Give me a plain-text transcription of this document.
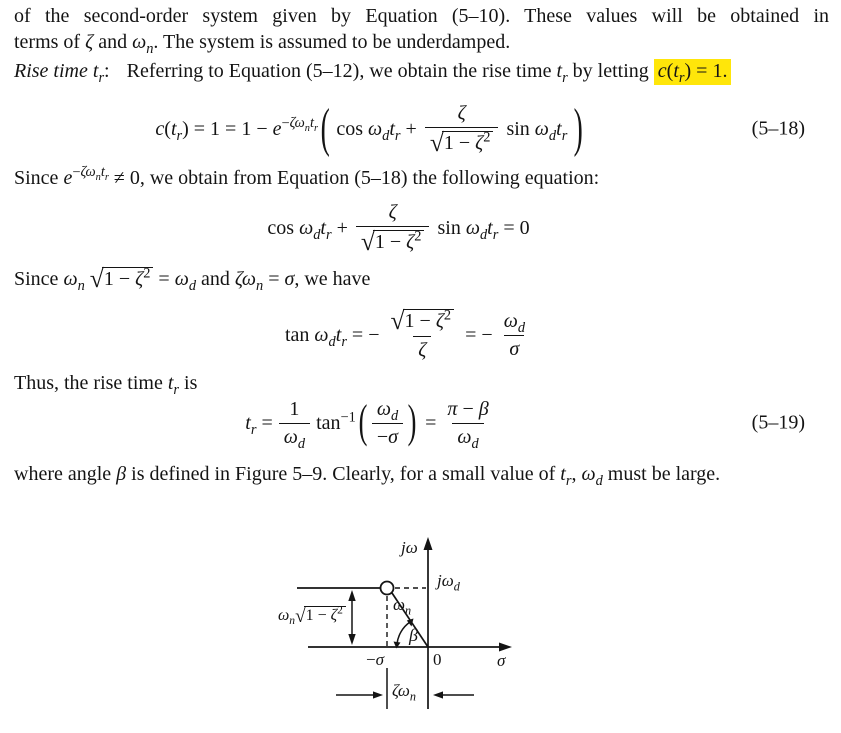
of the second-order system given by Equation (5–10). These values will be obtained in
terms of ζ and $\omega_n$. The system is assumed to be underdamped.
Rise time $t_r$: Referring to Equation (5–12), we obtain the rise time $t_r$ by letting $c(t_r) = 1$.
$c(t_r) = 1 = 1 - e^{-\zeta\omega_nt_r}$ ( $\cos \omega_dt_r + \frac{\zeta}{√1 - \zeta^2}$ $\sin \omega_dt_r$ )	(5–18)
Since $e^{-\zeta\omega_nt_r} \ne 0$, we obtain from Equation (5–18) the following equation:
$\cos \omega_dt_r + \frac{\zeta}{√1 - \zeta^2}$ $\sin \omega_dt_r = 0$
Since $\omega_n$ $√1 - \zeta^2 = \omega_d$ and $\zeta\omega_n = \sigma$, we have
$\tan \omega_dt_r$ = − $\frac{√1 - \zeta^2}{\zeta}$ = − $\frac{\omega_d}{\sigma}$
Thus, the rise time $t_r$ is
$t_r = \frac{1}{\omega_d} \tan^{-1}$ ( $\frac{\omega_d}{-\sigma}$ ) = $\frac{\pi - \beta}{\omega_d}$	(5–19)
where angle β is defined in Figure 5–9. Clearly, for a small value of $t_r$, $\omega_d$ must be large.
jω
$j\omega_d$
$\omega_n$
β
$\omega_n√1 - \zeta^2$
−σ	0	σ
$\zeta\omega_n$
